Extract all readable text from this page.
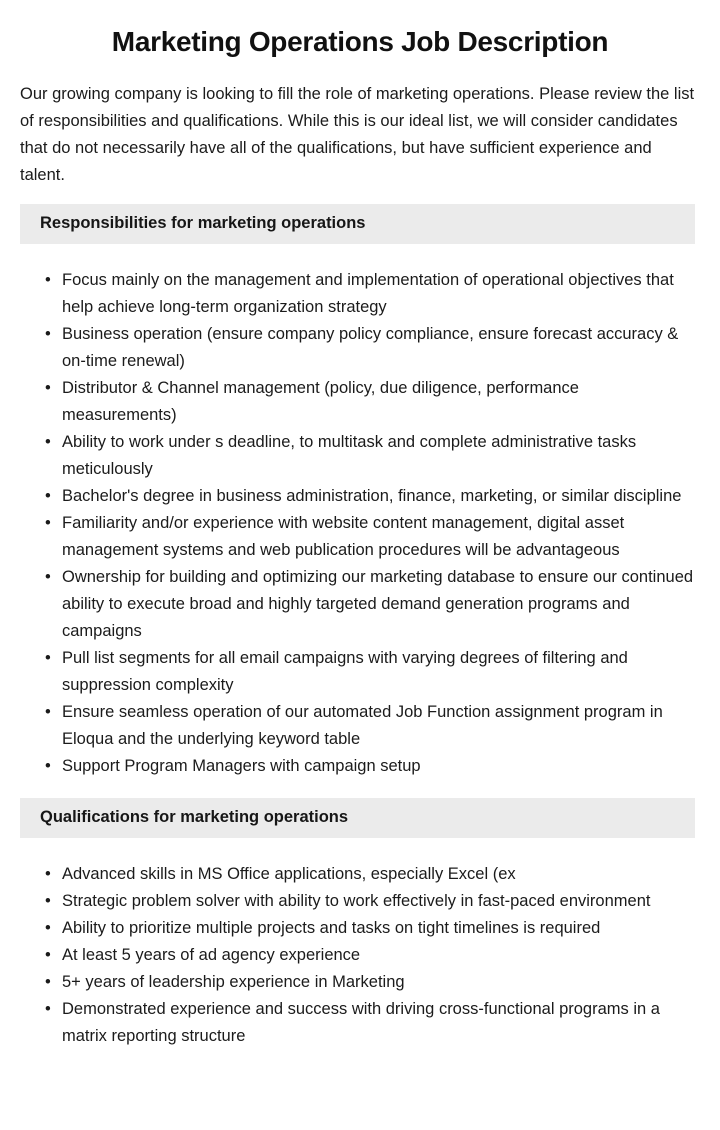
Marketing Operations Job Description

Our growing company is looking to fill the role of marketing operations. Please review the list of responsibilities and qualifications. While this is our ideal list, we will consider candidates that do not necessarily have all of the qualifications, but have sufficient experience and talent.

Responsibilities for marketing operations
• Focus mainly on the management and implementation of operational objectives that help achieve long-term organization strategy
• Business operation (ensure company policy compliance, ensure forecast accuracy & on-time renewal)
• Distributor & Channel management (policy, due diligence, performance measurements)
• Ability to work under s deadline, to multitask and complete administrative tasks meticulously
• Bachelor's degree in business administration, finance, marketing, or similar discipline
• Familiarity and/or experience with website content management, digital asset management systems and web publication procedures will be advantageous
• Ownership for building and optimizing our marketing database to ensure our continued ability to execute broad and highly targeted demand generation programs and campaigns
• Pull list segments for all email campaigns with varying degrees of filtering and suppression complexity
• Ensure seamless operation of our automated Job Function assignment program in Eloqua and the underlying keyword table
• Support Program Managers with campaign setup
Qualifications for marketing operations
• Advanced skills in MS Office applications, especially Excel (ex
• Strategic problem solver with ability to work effectively in fast-paced environment
• Ability to prioritize multiple projects and tasks on tight timelines is required
• At least 5 years of ad agency experience
• 5+ years of leadership experience in Marketing
• Demonstrated experience and success with driving cross-functional programs in a matrix reporting structure
